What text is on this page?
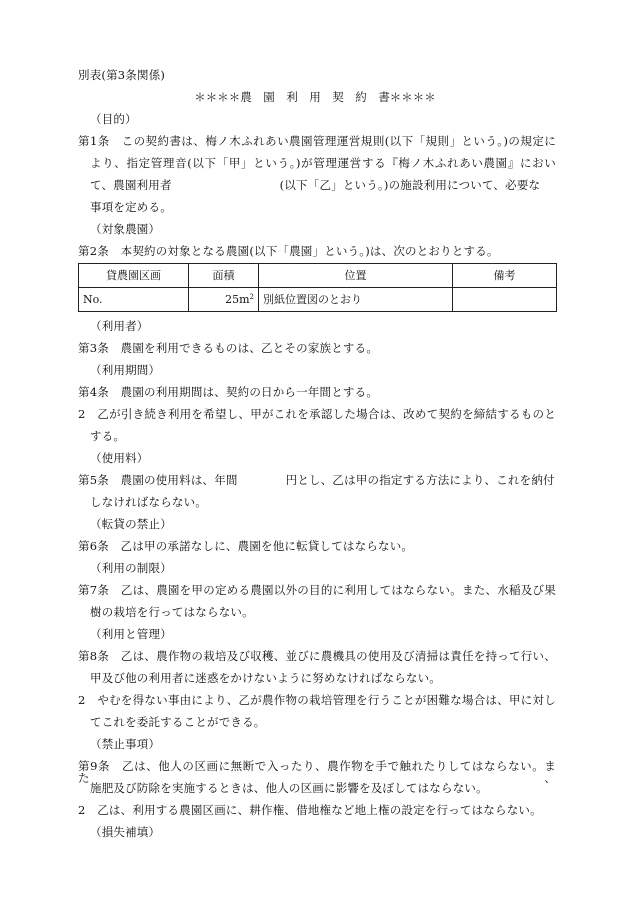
別表(第3条関係)
＊＊＊＊農　園　利　用　契　約　書＊＊＊＊
（目的）
第1条　この契約書は、梅ノ木ふれあい農園管理運営規則(以下「規則」という。)の規定に
より、指定管理音(以下「甲」という。)が管理運営する『梅ノ木ふれあい農園』におい
て、農園利用者	(以下「乙」という。)の施設利用について、必要な
事項を定める。
（対象農園）
第2条　本契約の対象となる農園(以下「農園」という。)は、次のとおりとする。
貸農園区画	面積	位置	備考
No.	$25m^2$	別紙位置図のとおり	
（利用者）
第3条　農園を利用できるものは、乙とその家族とする。
（利用期間）
第4条　農園の利用期間は、契約の日から一年間とする。
2　乙が引き続き利用を希望し、甲がこれを承認した場合は、改めて契約を締結するものと
する。
（使用料）
第5条　農園の使用料は、年間	円とし、乙は甲の指定する方法により、これを納付
しなければならない。
（転貸の禁止）
第6条　乙は甲の承諾なしに、農園を他に転貸してはならない。
（利用の制限）
第7条　乙は、農園を甲の定める農園以外の目的に利用してはならない。また、水稲及び果
樹の栽培を行ってはならない。
（利用と管理）
第8条　乙は、農作物の栽培及び収穫、並びに農機具の使用及び清掃は責任を持って行い、
甲及び他の利用者に迷惑をかけないように努めなければならない。
2　やむを得ない事由により、乙が農作物の栽培管理を行うことが困難な場合は、甲に対し
てこれを委託することができる。
（禁止事項）
第9条　乙は、他人の区画に無断で入ったり、農作物を手で触れたりしてはならない。また、
施肥及び防除を実施するときは、他人の区画に影響を及ぼしてはならない。
2　乙は、利用する農園区画に、耕作権、借地権など地上権の設定を行ってはならない。
（損失補填）
